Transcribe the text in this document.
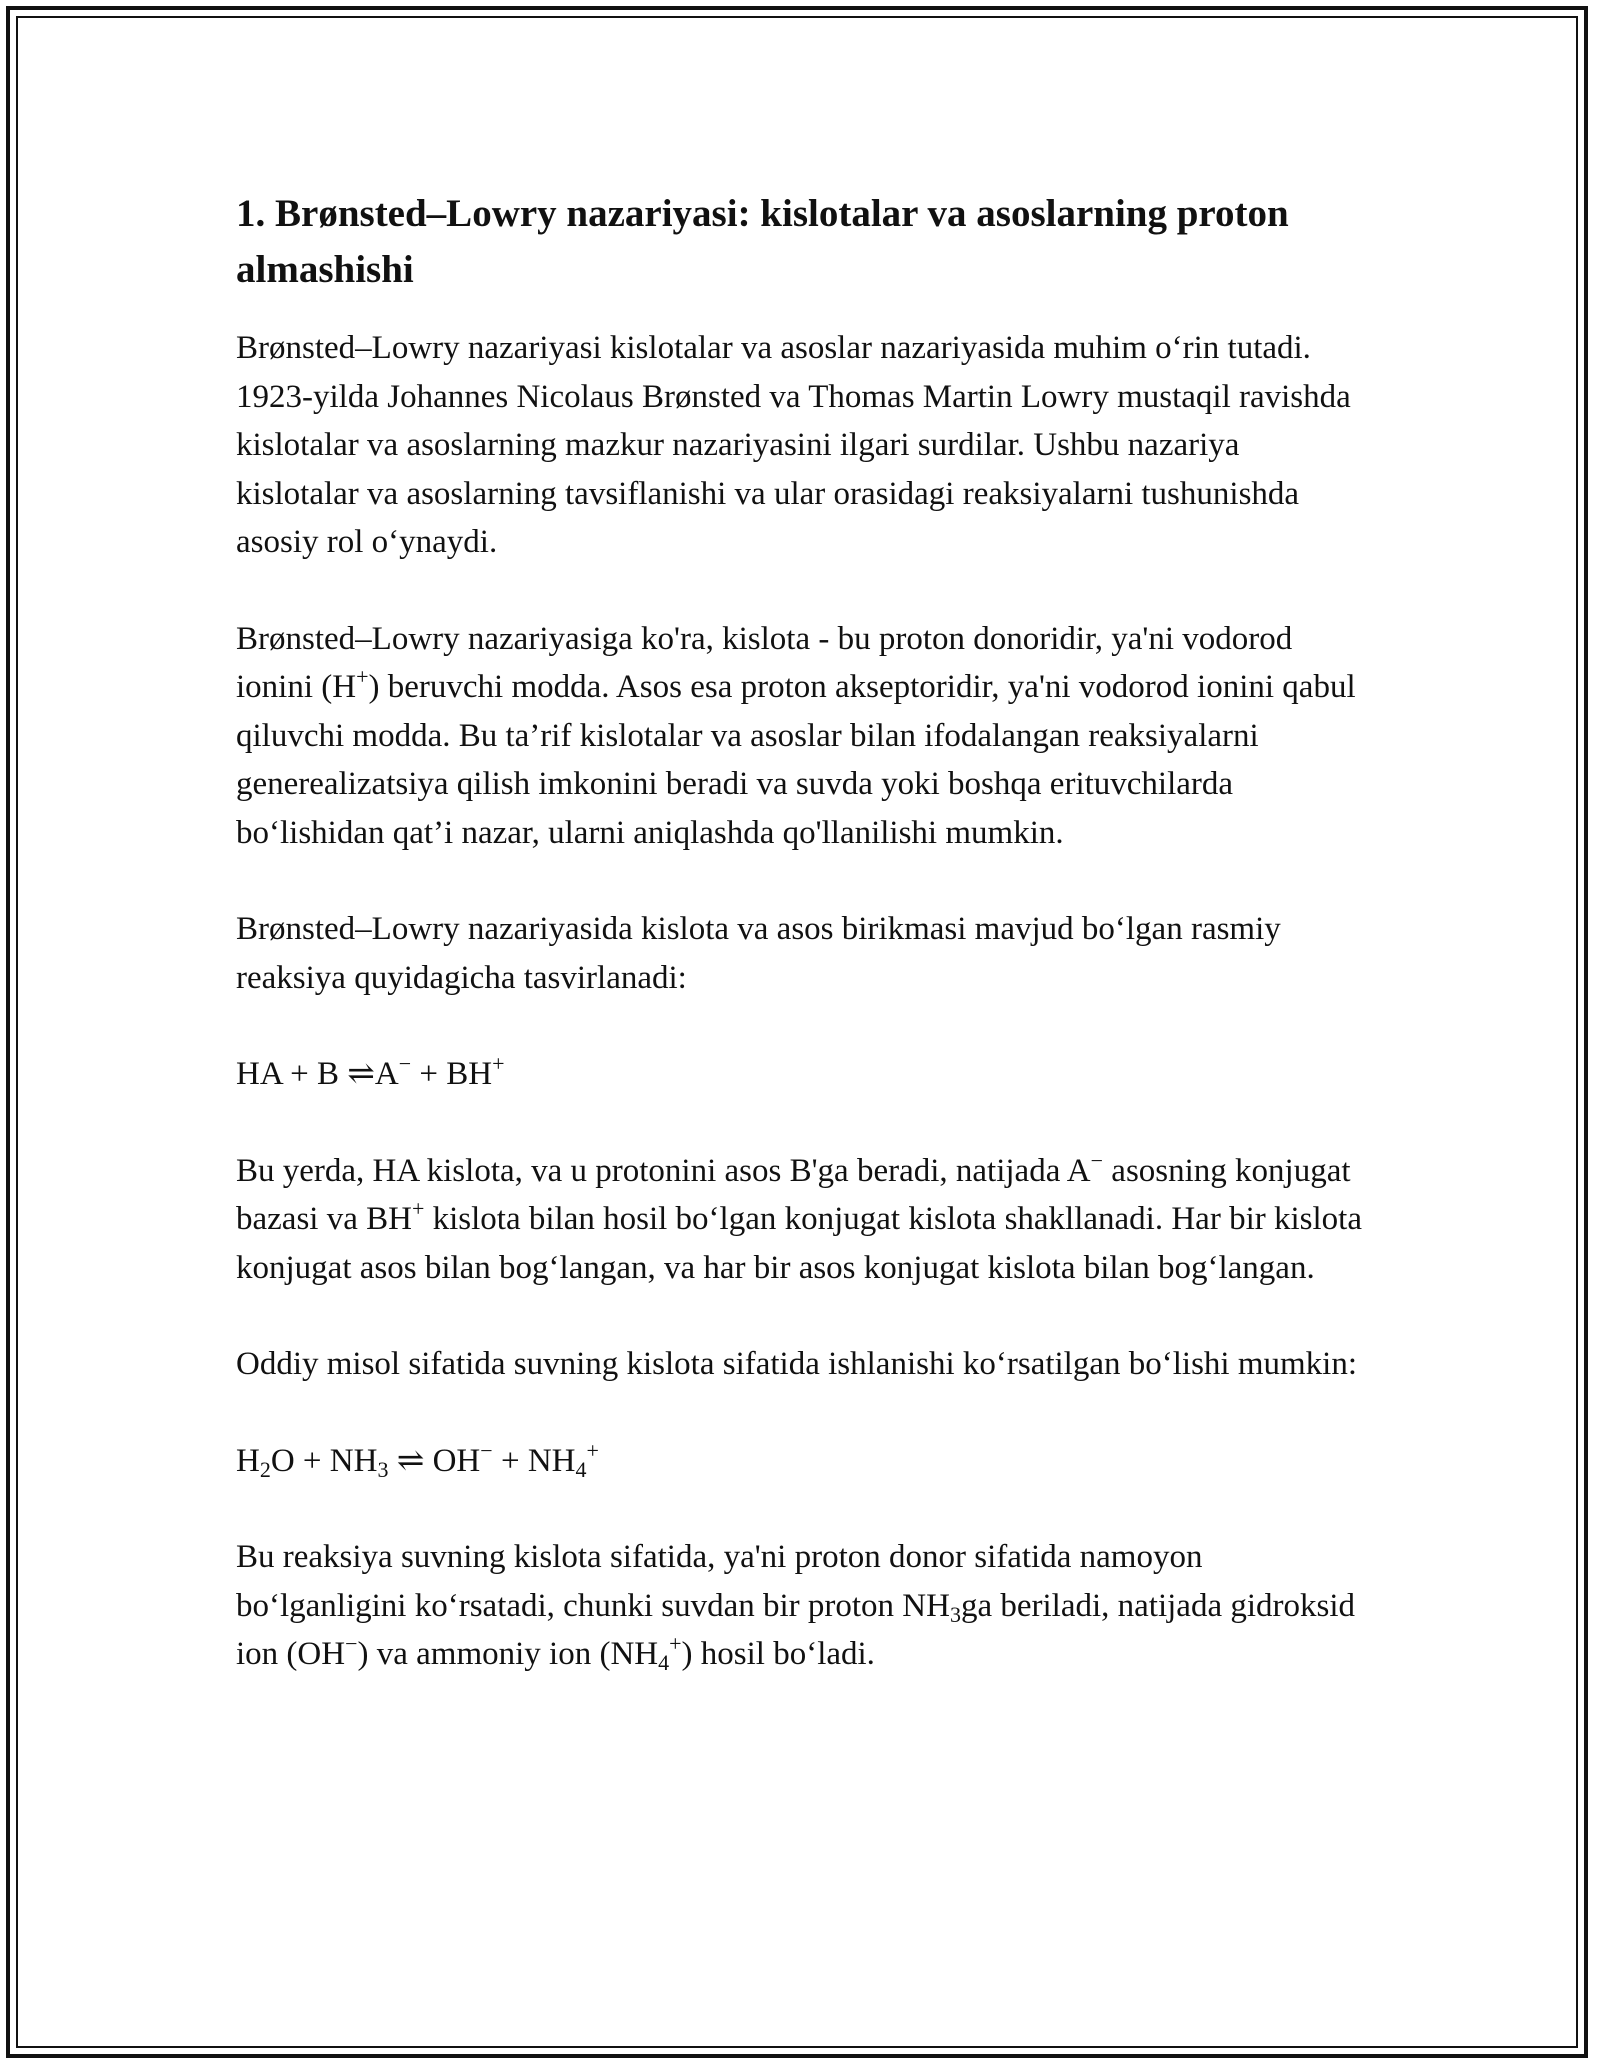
1. Brønsted–Lowry nazariyasi: kislotalar va asoslarning proton almashishi

Brønsted–Lowry nazariyasi kislotalar va asoslar nazariyasida muhim o‘rin tutadi. 1923-yilda Johannes Nicolaus Brønsted va Thomas Martin Lowry mustaqil ravishda kislotalar va asoslarning mazkur nazariyasini ilgari surdilar. Ushbu nazariya kislotalar va asoslarning tavsiflanishi va ular orasidagi reaksiyalarni tushunishda asosiy rol o‘ynaydi.

Brønsted–Lowry nazariyasiga ko'ra, kislota - bu proton donoridir, ya'ni vodorod ionini (H+) beruvchi modda. Asos esa proton akseptoridir, ya'ni vodorod ionini qabul qiluvchi modda. Bu ta’rif kislotalar va asoslar bilan ifodalangan reaksiyalarni generealizatsiya qilish imkonini beradi va suvda yoki boshqa erituvchilarda bo‘lishidan qat’i nazar, ularni aniqlashda qo'llanilishi mumkin.

Brønsted–Lowry nazariyasida kislota va asos birikmasi mavjud bo‘lgan rasmiy reaksiya quyidagicha tasvirlanadi:

HA + B ⇌A− + BH+

Bu yerda, HA kislota, va u protonini asos B'ga beradi, natijada A− asosning konjugat bazasi va BH+ kislota bilan hosil bo‘lgan konjugat kislota shakllanadi. Har bir kislota konjugat asos bilan bog‘langan, va har bir asos konjugat kislota bilan bog‘langan.

Oddiy misol sifatida suvning kislota sifatida ishlanishi ko‘rsatilgan bo‘lishi mumkin:

$H_2O + NH_3$ ⇌ $OH^- + NH_4^+$

Bu reaksiya suvning kislota sifatida, ya'ni proton donor sifatida namoyon bo‘lganligini ko‘rsatadi, chunki suvdan bir proton $NH_3ga$ beriladi, natijada gidroksid ion (OH−) va ammoniy ion $(NH_4^+)$ hosil bo‘ladi.
